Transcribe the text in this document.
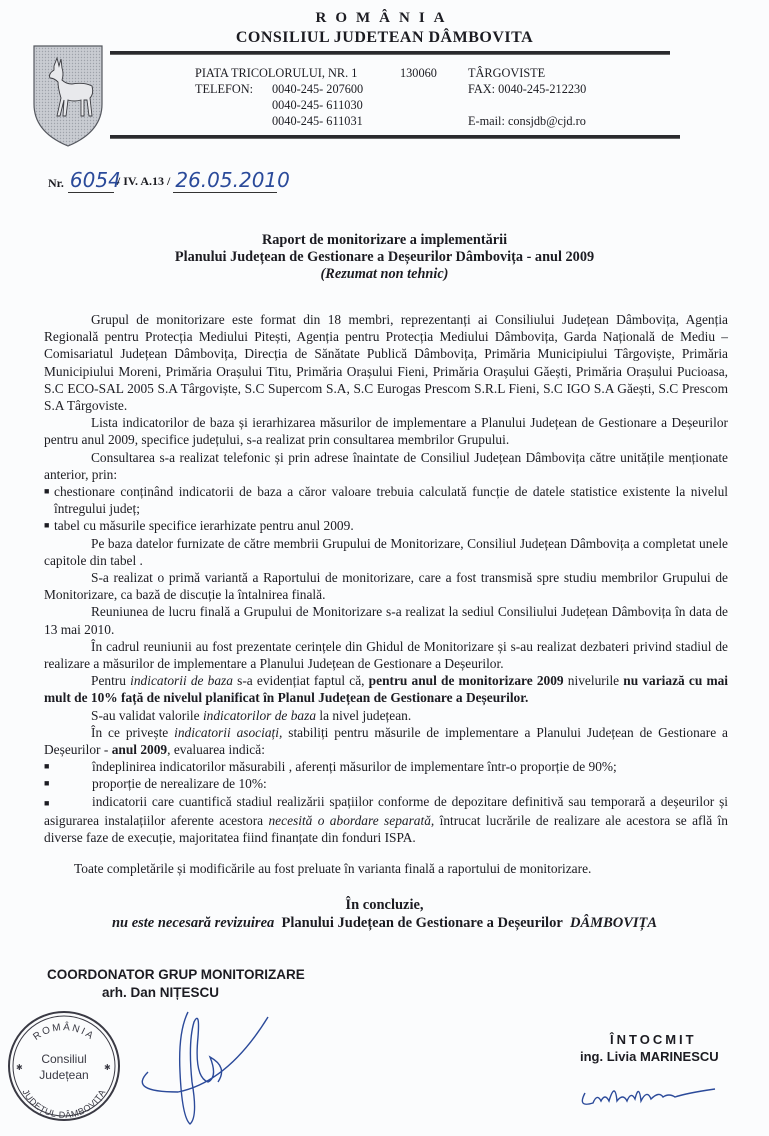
ROMÂNIA
CONSILIUL JUDETEAN DÂMBOVITA
PIATA TRICOLORULUI, NR. 1	130060	TÂRGOVISTE
TELEFON: 0040-245- 207600	FAX: 0040-245-212230
0040-245- 611030
0040-245- 611031	E-mail: consjdb@cjd.ro
Nr. 6054
/ IV. A.13 / 26.05.2010
Raport de monitorizare a implementării
Planului Județean de Gestionare a Deșeurilor Dâmbovița - anul 2009
(Rezumat non tehnic)

Grupul de monitorizare este format din 18 membri, reprezentanți ai Consiliului Județean Dâmbovița, Agenția Regională pentru Protecția Mediului Pitești, Agenția pentru Protecția Mediului Dâmbovița, Garda Națională de Mediu – Comisariatul Județean Dâmbovița, Direcția de Sănătate Publică Dâmbovița, Primăria Municipiului Târgoviște, Primăria Municipiului Moreni, Primăria Orașului Titu, Primăria Orașului Fieni, Primăria Orașului Găești, Primăria Orașului Pucioasa, S.C ECO-SAL 2005 S.A Târgoviște, S.C Supercom S.A, S.C Eurogas Prescom S.R.L Fieni, S.C IGO S.A Găești, S.C Prescom S.A Târgoviste.

Lista indicatorilor de baza și ierarhizarea măsurilor de implementare a Planului Județean de Gestionare a Deșeurilor pentru anul 2009, specifice județului, s-a realizat prin consultarea membrilor Grupului.

Consultarea s-a realizat telefonic și prin adrese înaintate de Consiliul Județean Dâmbovița către unitățile menționate anterior, prin:

■ chestionare conținând indicatorii de baza a căror valoare trebuia calculată funcție de datele statistice existente la nivelul întregului județ;
■ tabel cu măsurile specifice ierarhizate pentru anul 2009.

Pe baza datelor furnizate de către membrii Grupului de Monitorizare, Consiliul Județean Dâmbovița a completat unele capitole din tabel .

S-a realizat o primă variantă a Raportului de monitorizare, care a fost transmisă spre studiu membrilor Grupului de Monitorizare, ca bază de discuție la întalnirea finală.

Reuniunea de lucru finală a Grupului de Monitorizare s-a realizat la sediul Consiliului Județean Dâmbovița în data de 13 mai 2010.

În cadrul reuniunii au fost prezentate cerințele din Ghidul de Monitorizare și s-au realizat dezbateri privind stadiul de realizare a măsurilor de implementare a Planului Județean de Gestionare a Deșeurilor.

Pentru indicatorii de baza s-a evidențiat faptul că, pentru anul de monitorizare 2009 nivelurile nu variază cu mai mult de 10% față de nivelul planificat în Planul Județean de Gestionare a Deșeurilor.

S-au validat valorile indicatorilor de baza la nivel județean.

În ce privește indicatorii asociați, stabiliți pentru măsurile de implementare a Planului Județean de Gestionare a Deșeurilor - anul 2009, evaluarea indică:

■	îndeplinirea indicatorilor măsurabili , aferenți măsurilor de implementare într-o proporție de 90%;
■	proporție de nerealizare de 10%:

■	indicatorii care cuantifică stadiul realizării spațiilor conforme de depozitare definitivă sau temporară a deșeurilor și asigurarea instalațiilor aferente acestora necesită o abordare separată, întrucat lucrările de realizare ale acestora se află în diverse faze de execuție, majoritatea fiind finanțate din fonduri ISPA.

Toate completările și modificările au fost preluate în varianta finală a raportului de monitorizare.

În concluzie,
nu este necesară revizuirea Planului Județean de Gestionare a Deșeurilor DÂMBOVIȚA
COORDONATOR GRUP MONITORIZARE
arh. Dan NIȚESCU
ROMÂNIA
JUDEȚUL DÂMBOVIȚA
Consiliul
Județean
✱	✱
ÎNTOCMIT
ing. Livia MARINESCU
